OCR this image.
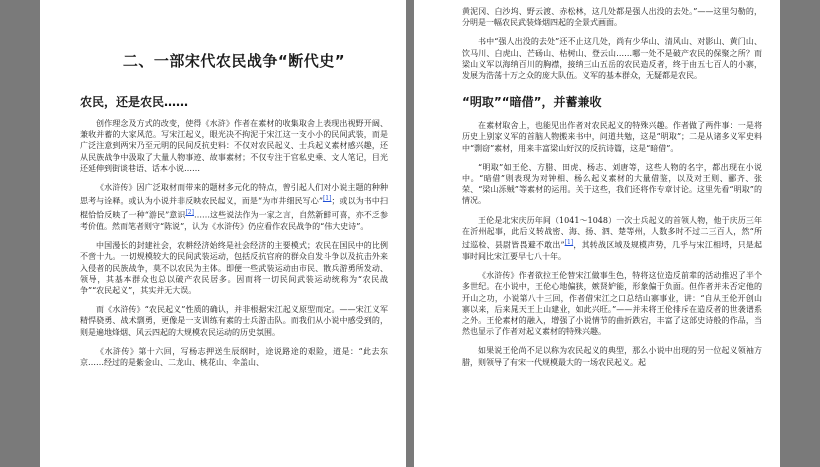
二、一部宋代农民战争“断代史”
农民，还是农民……

创作理念及方式的改变，使得《水浒》作者在素材的收集取舍上表现出视野开阔、兼收并蓄的大家风范。写宋江起义，眼光决不拘泥于宋江这一支小小的民间武装，而是广泛注意到两宋乃至元明的民间反抗史料：不仅对农民起义、士兵起义素材感兴趣，还从民族战争中汲取了大量人物事迹、故事素材；不仅专注于官私史乘、文人笔记，目光还延伸到街谈巷语、话本小说……

《水浒传》因广泛取材而带来的题材多元化的特点，曾引起人们对小说主题的种种思考与诠释。或认为小说并非反映农民起义，而是“为市井细民写心”[1]；或以为书中扫棍恰恰反映了一种“游民”意识[2]……这些说法作为一家之言，自然新鲜可喜，亦不乏参考价值。然而笔者则守“陈说”，认为《水浒传》仍应看作农民战争的“伟大史诗”。

中国漫长的封建社会，农耕经济始终是社会经济的主要模式；农民在国民中的比例不啻十九。一切规模较大的民间武装运动，包括反抗官府的群众自发斗争以及抗击外来入侵者的民族战争，莫不以农民为主体。即便一些武装运动由市民、散兵游勇所发动、领导，其基本群众也总以破产农民居多。因而将一切民间武装运动统称为“农民战争”“农民起义”，其实并无大误。

而《水浒传》“农民起义”性质的确认，并非根据宋江起义原型而定。——宋江义军精悍骁勇、战术剽勇，更像是一支训练有素的士兵游击队。而我们从小说中感受到的，则是遍地烽烟、风云四起的大规模农民运动的历史氛围。

《水浒传》第十六回，写杨志押送生辰纲时，途说路途的艰险，道是：“此去东京……经过的是紫金山、二龙山、桃花山、伞盖山、

黄泥冈、白沙坞、野云渡、赤松林，这几处都是强人出没的去处。”——这里匀勒的，分明是一幅农民武装烽烟四起的全景式画面。

书中“强人出没的去处”还不止这几处，尚有少华山、清风山、对影山、黄门山、饮马川、白虎山、芒砀山、枯树山、登云山……哪一处不是破产农民的保聚之所？而梁山义军以海纳百川的胸襟，接纳三山五岳的农民造反者，终于由五七百人的小寨，发展为浩荡十万之众的庞大队伍。义军的基本群众，无疑都是农民。

“明取”“暗借”，并蓄兼收

在素材取舍上，也能见出作者对农民起义的特殊兴趣。作者做了两件事：一是将历史上别家义军的首脑人物搬来书中，问道共勉，这是“明取”；二是从诸多义军史料中“剽窃”素材，用来丰富梁山好汉的反抗诗篇，这是“暗借”。

“明取”如王伦、方腊、田虎、杨志、刘唐等，这些人物的名字，都出现在小说中。“暗借”则表现为对钟相、杨么起义素材的大量借鉴，以及对王则、郦齐、张荣、“梁山泺贼”等素材的运用。关于这些，我们还将作专章讨论。这里先看“明取”的情况。

王伦是北宋庆历年间（1041～1048）一次士兵起义的首领人物，他于庆历三年在沂州起事，此后义转战密、海、扬、泗、楚等州，人数多时不过二三百人，然“所过巡检、县尉皆畏避不敢出”[1]，其转战区域及规模声势，几乎与宋江相埒，只是起事时间比宋江要早七八十年。

《水浒传》作者欲拉王伦替宋江做事生色，特将这位造反前辈的活动推迟了半个多世纪。在小说中，王伦心地偏狭，嫉贤妒能，形象偏于负面。但作者并未否定他的开山之功，小说第八十三回，作者借宋江之口总结山寨事业，讲：“自从王伦开创山寨以来，后来晁天王上山建业，如此兴旺。”——并未将王伦排斥在造反者的世袭谱系之外。王伦素材的融入，增强了小说情节的曲折跌宕，丰富了这部史诗般的作品，当然也显示了作者对起义素材的特殊兴趣。

如果说王伦尚不足以称为农民起义的典型，那么小说中出现的另一位起义领袖方腊，则领导了有宋一代规模最大的一场农民起义。起
